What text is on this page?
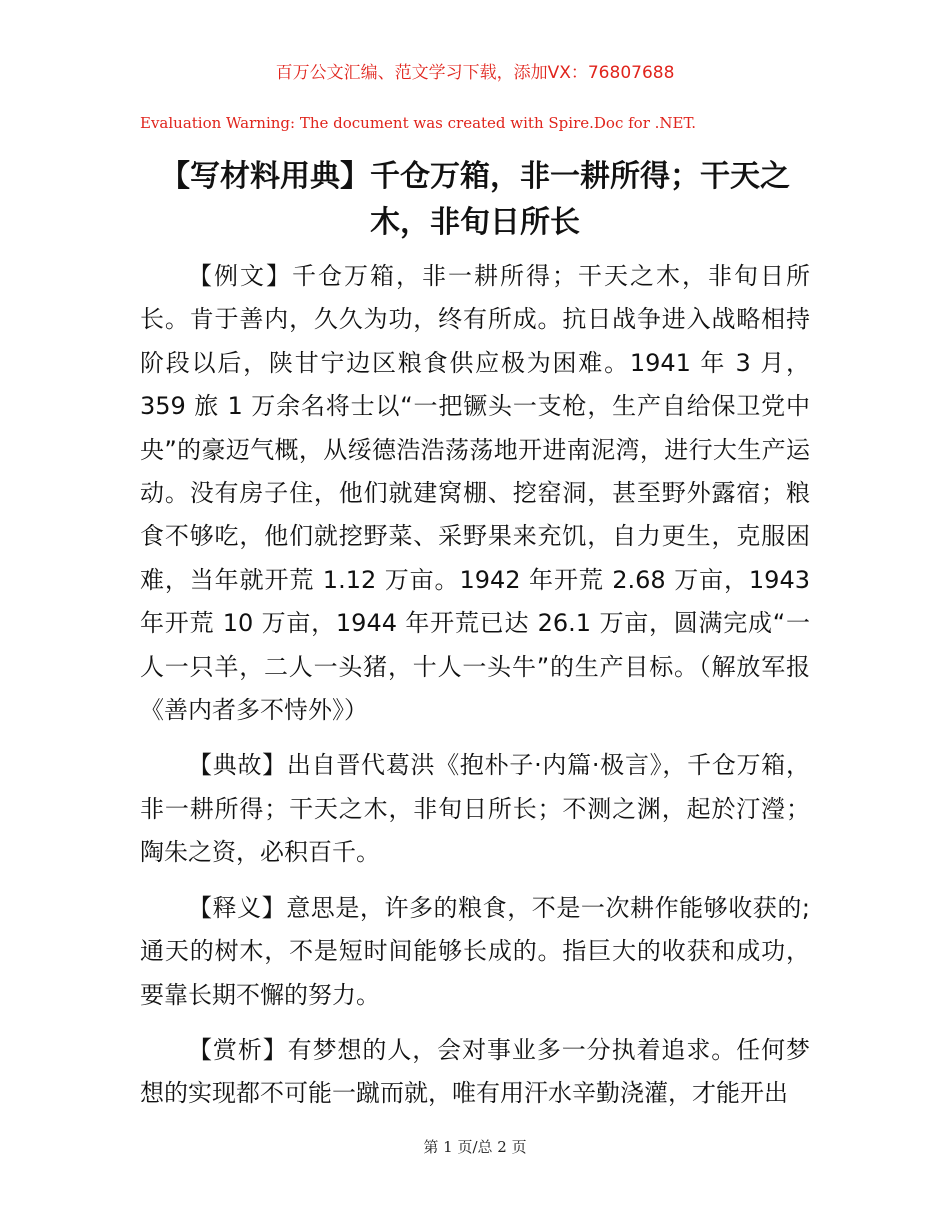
百万公文汇编、范文学习下载，添加VX：76807688
Evaluation Warning: The document was created with Spire.Doc for .NET.
【写材料用典】千仓万箱，非一耕所得；干天之木，非旬日所长

【例文】千仓万箱，非一耕所得；干天之木，非旬日所长。肯于善内，久久为功，终有所成。抗日战争进入战略相持阶段以后，陕甘宁边区粮食供应极为困难。1941 年 3 月，359 旅 1 万余名将士以“一把镢头一支枪，生产自给保卫党中央”的豪迈气概，从绥德浩浩荡荡地开进南泥湾，进行大生产运动。没有房子住，他们就建窝棚、挖窑洞，甚至野外露宿；粮食不够吃，他们就挖野菜、采野果来充饥，自力更生，克服困难，当年就开荒 1.12 万亩。1942 年开荒 2.68 万亩，1943 年开荒 10 万亩，1944 年开荒已达 26.1 万亩，圆满完成“一人一只羊，二人一头猪，十人一头牛”的生产目标。（解放军报《善内者多不恃外》）

【典故】出自晋代葛洪《抱朴子·内篇·极言》，千仓万箱，非一耕所得；干天之木，非旬日所长；不测之渊，起於汀瀅；陶朱之资，必积百千。

【释义】意思是，许多的粮食，不是一次耕作能够收获的;通天的树木，不是短时间能够长成的。指巨大的收获和成功，要靠长期不懈的努力。

【赏析】有梦想的人，会对事业多一分执着追求。任何梦想的实现都不可能一蹴而就，唯有用汗水辛勤浇灌，才能开出

第 1 页/总 2 页
